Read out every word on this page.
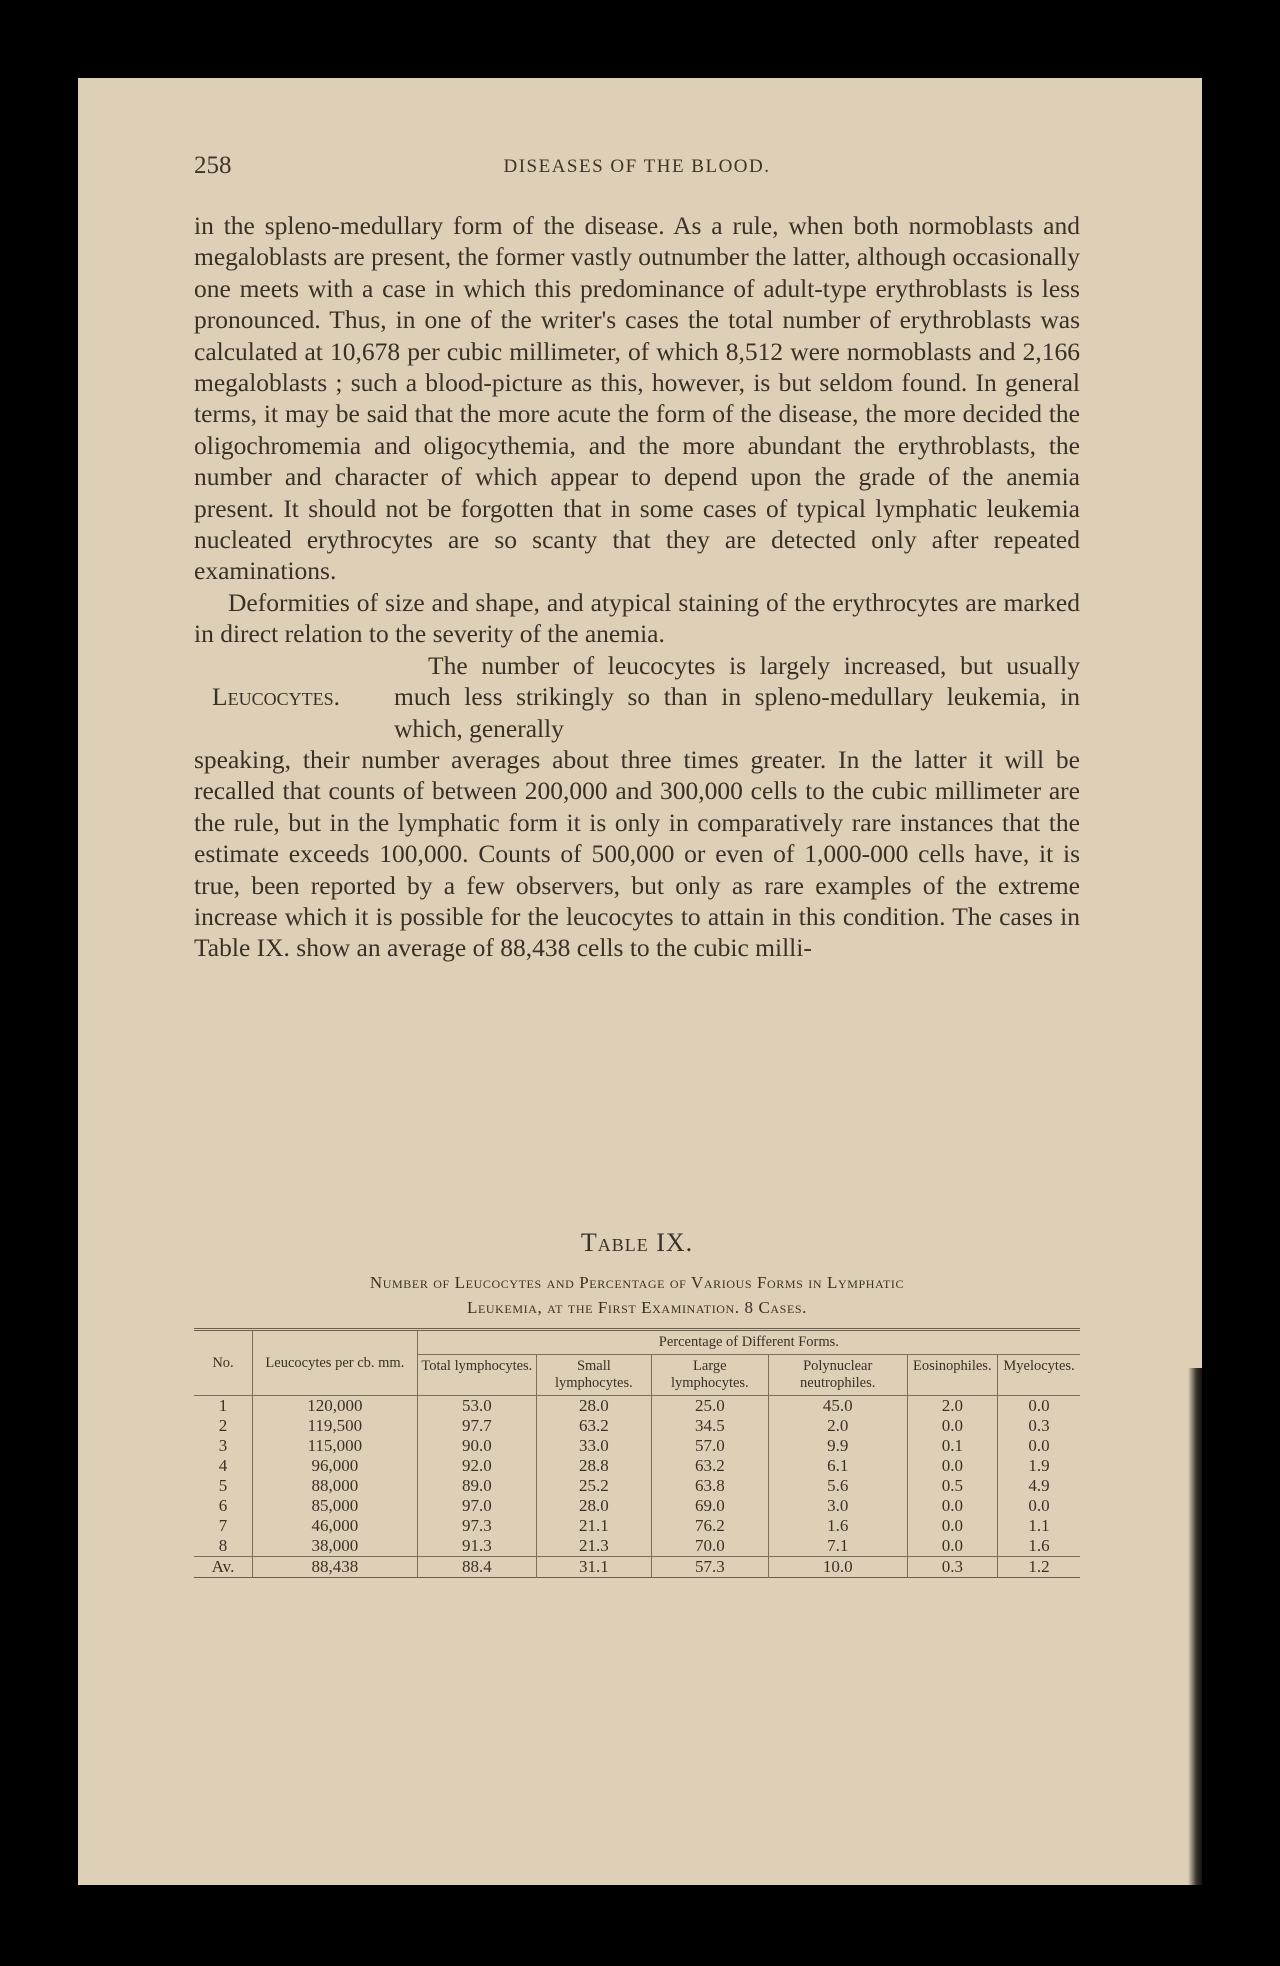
258	DISEASES OF THE BLOOD.

in the spleno-medullary form of the disease. As a rule, when both normoblasts and megaloblasts are present, the former vastly outnumber the latter, although occasionally one meets with a case in which this predominance of adult-type erythroblasts is less pronounced. Thus, in one of the writer's cases the total number of erythroblasts was calculated at 10,678 per cubic millimeter, of which 8,512 were normoblasts and 2,166 megaloblasts ; such a blood-picture as this, however, is but seldom found. In general terms, it may be said that the more acute the form of the disease, the more decided the oligochromemia and oligocythemia, and the more abundant the erythroblasts, the number and character of which appear to depend upon the grade of the anemia present. It should not be forgotten that in some cases of typical lymphatic leukemia nucleated erythrocytes are so scanty that they are detected only after repeated examinations.

Deformities of size and shape, and atypical staining of the erythrocytes are marked in direct relation to the severity of the anemia.

Leucocytes.

The number of leucocytes is largely increased, but usually much less strikingly so than in spleno-medullary leukemia, in which, generally

speaking, their number averages about three times greater. In the latter it will be recalled that counts of between 200,000 and 300,000 cells to the cubic millimeter are the rule, but in the lymphatic form it is only in comparatively rare instances that the estimate exceeds 100,000. Counts of 500,000 or even of 1,000-000 cells have, it is true, been reported by a few observers, but only as rare examples of the extreme increase which it is possible for the leucocytes to attain in this condition. The cases in Table IX. show an average of 88,438 cells to the cubic milli-

Table IX.
Number of Leucocytes and Percentage of Various Forms in Lymphatic
Leukemia, at the First Examination. 8 Cases.
No.	Leucocytes per cb. mm.	Percentage of Different Forms.					
		Total lymphocytes.	Small lymphocytes.	Large lymphocytes.	Polynuclear neutrophiles.	Eosinophiles.	Myelocytes.
1	120,000	53.0	28.0	25.0	45.0	2.0	0.0
2	119,500	97.7	63.2	34.5	2.0	0.0	0.3
3	115,000	90.0	33.0	57.0	9.9	0.1	0.0
4	96,000	92.0	28.8	63.2	6.1	0.0	1.9
5	88,000	89.0	25.2	63.8	5.6	0.5	4.9
6	85,000	97.0	28.0	69.0	3.0	0.0	0.0
7	46,000	97.3	21.1	76.2	1.6	0.0	1.1
8	38,000	91.3	21.3	70.0	7.1	0.0	1.6
Av.	88,438	88.4	31.1	57.3	10.0	0.3	1.2
